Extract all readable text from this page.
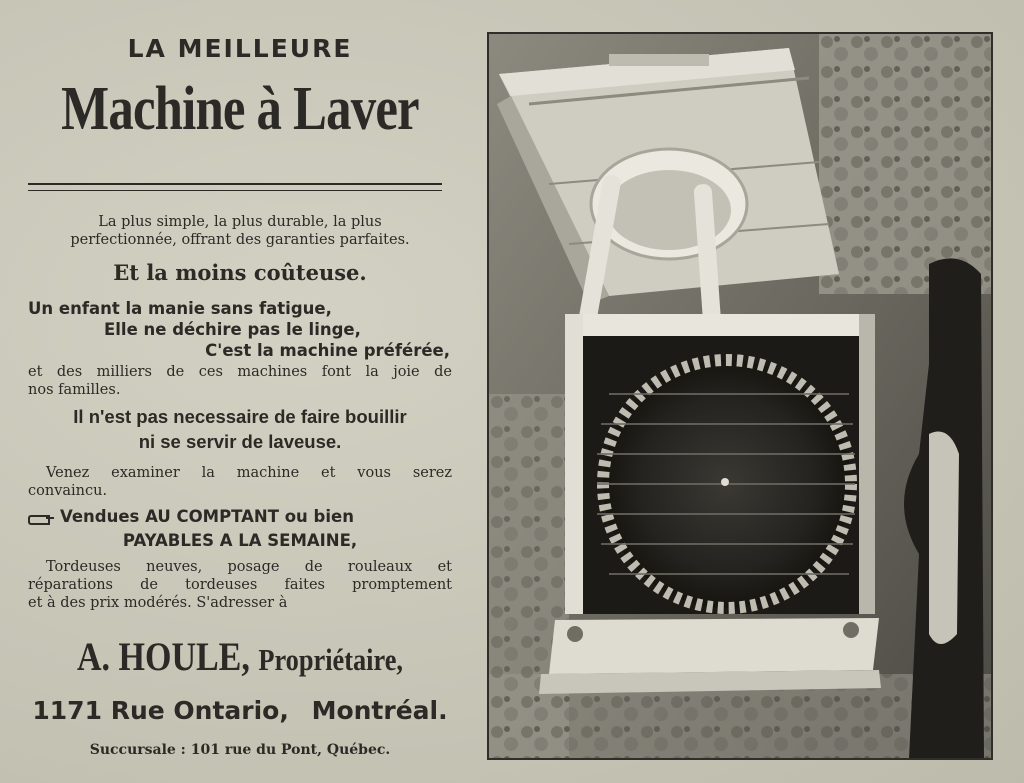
LA MEILLEURE
Machine à Laver
La plus simple, la plus durable, la plus
perfectionnée, offrant des garanties parfaites.
Et la moins coûteuse.
Un enfant la manie sans fatigue,
Elle ne déchire pas le linge,
C'est la machine préférée,
et des milliers de ces machines font la joie de
nos familles.
Il n'est pas necessaire de faire bouillir
ni se servir de laveuse.
Venez examiner la machine et vous serez
convaincu.
Vendues AU COMPTANT ou bien
PAYABLES A LA SEMAINE,
Tordeuses neuves, posage de rouleaux et
réparations de tordeuses faites promptement
et à des prix modérés. S'adresser à
A. HOULE, Propriétaire,
1171 Rue Ontario, Montréal.
Succursale : 101 rue du Pont, Québec.
